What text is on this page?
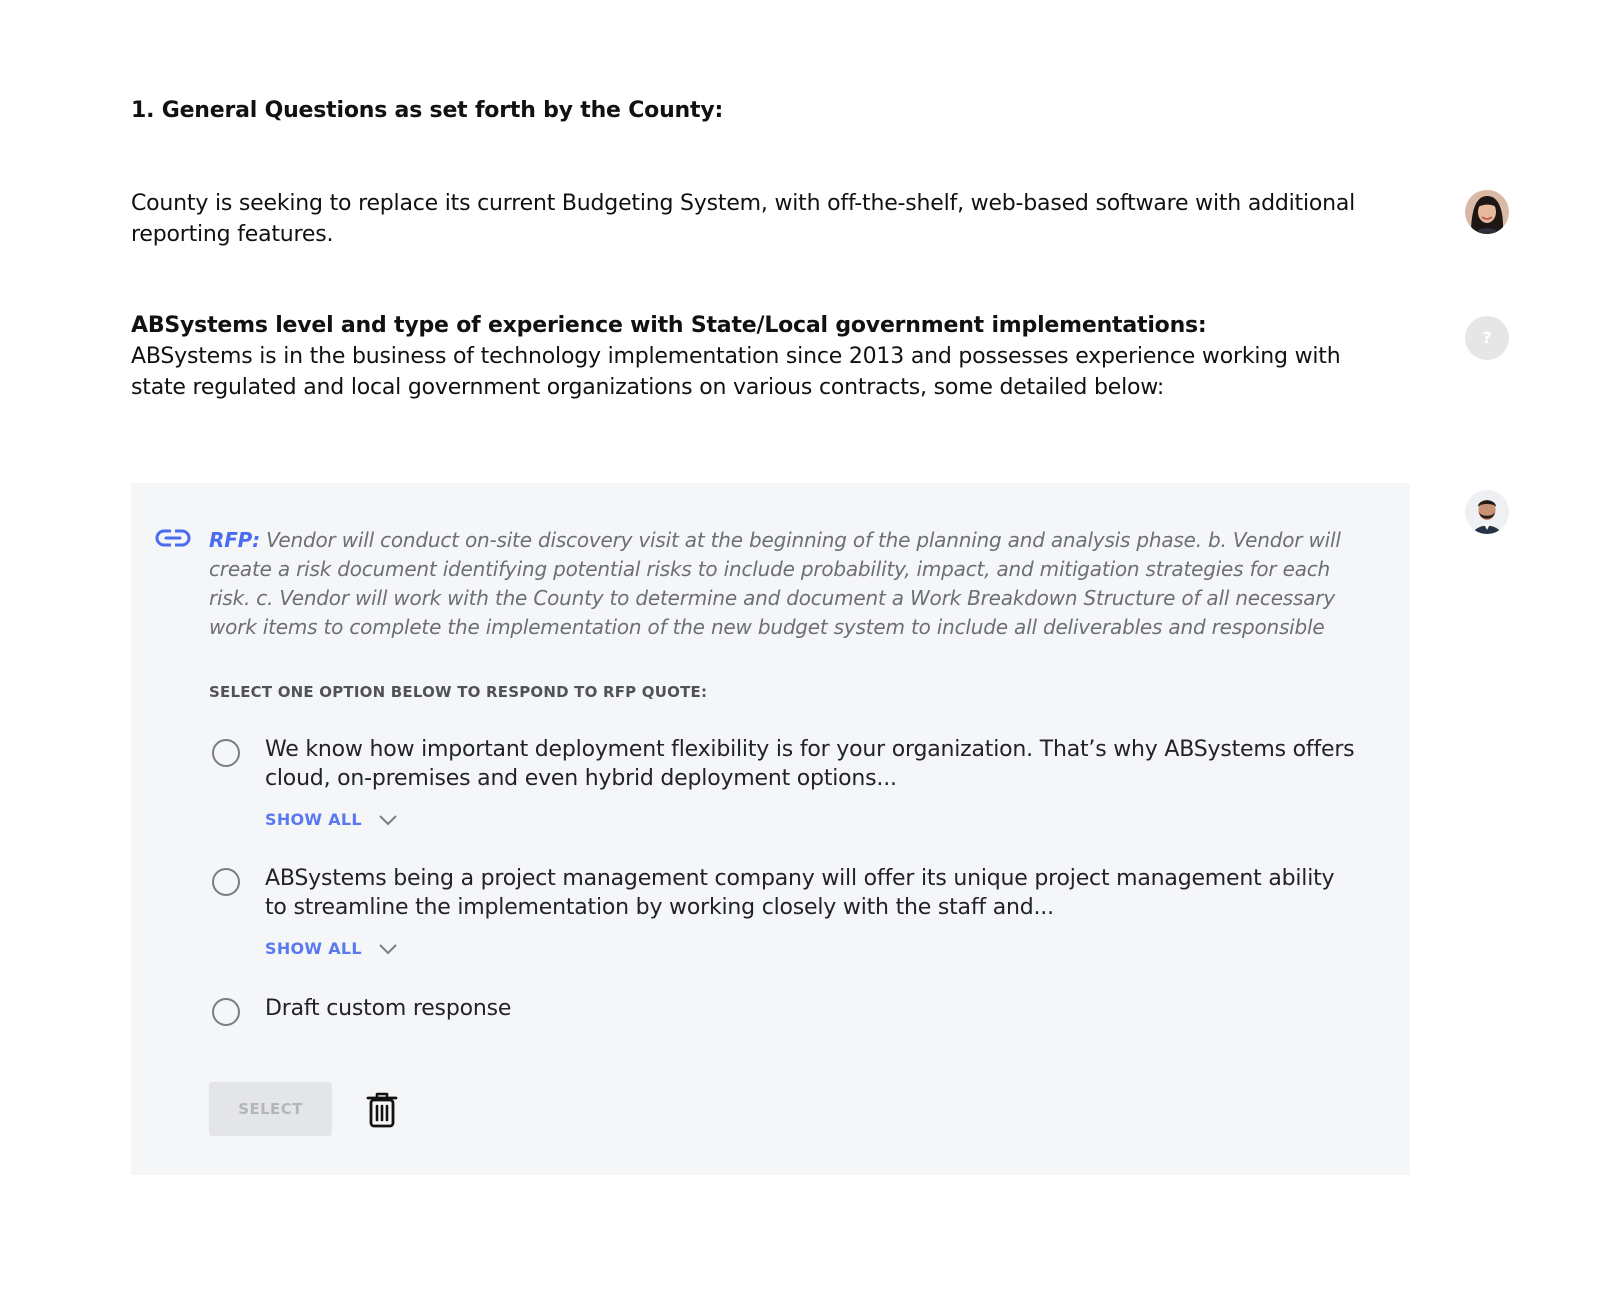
1. General Questions as set forth by the County:

County is seeking to replace its current Budgeting System, with off-the-shelf, web-based software with additional reporting features.

ABSystems level and type of experience with State/Local government implementations:
ABSystems is in the business of technology implementation since 2013 and possesses experience working with state regulated and local government organizations on various contracts, some detailed below:
?

RFP: Vendor will conduct on-site discovery visit at the beginning of the planning and analysis phase. b. Vendor will create a risk document identifying potential risks to include probability, impact, and mitigation strategies for each risk. c. Vendor will work with the County to determine and document a Work Breakdown Structure of all necessary work items to complete the implementation of the new budget system to include all deliverables and responsible

SELECT ONE OPTION BELOW TO RESPOND TO RFP QUOTE:

We know how important deployment flexibility is for your organization. That’s why ABSystems offers cloud, on-premises and even hybrid deployment options...

SHOW ALL

ABSystems being a project management company will offer its unique project management ability to streamline the implementation by working closely with the staff and...

SHOW ALL

Draft custom response

SELECT
